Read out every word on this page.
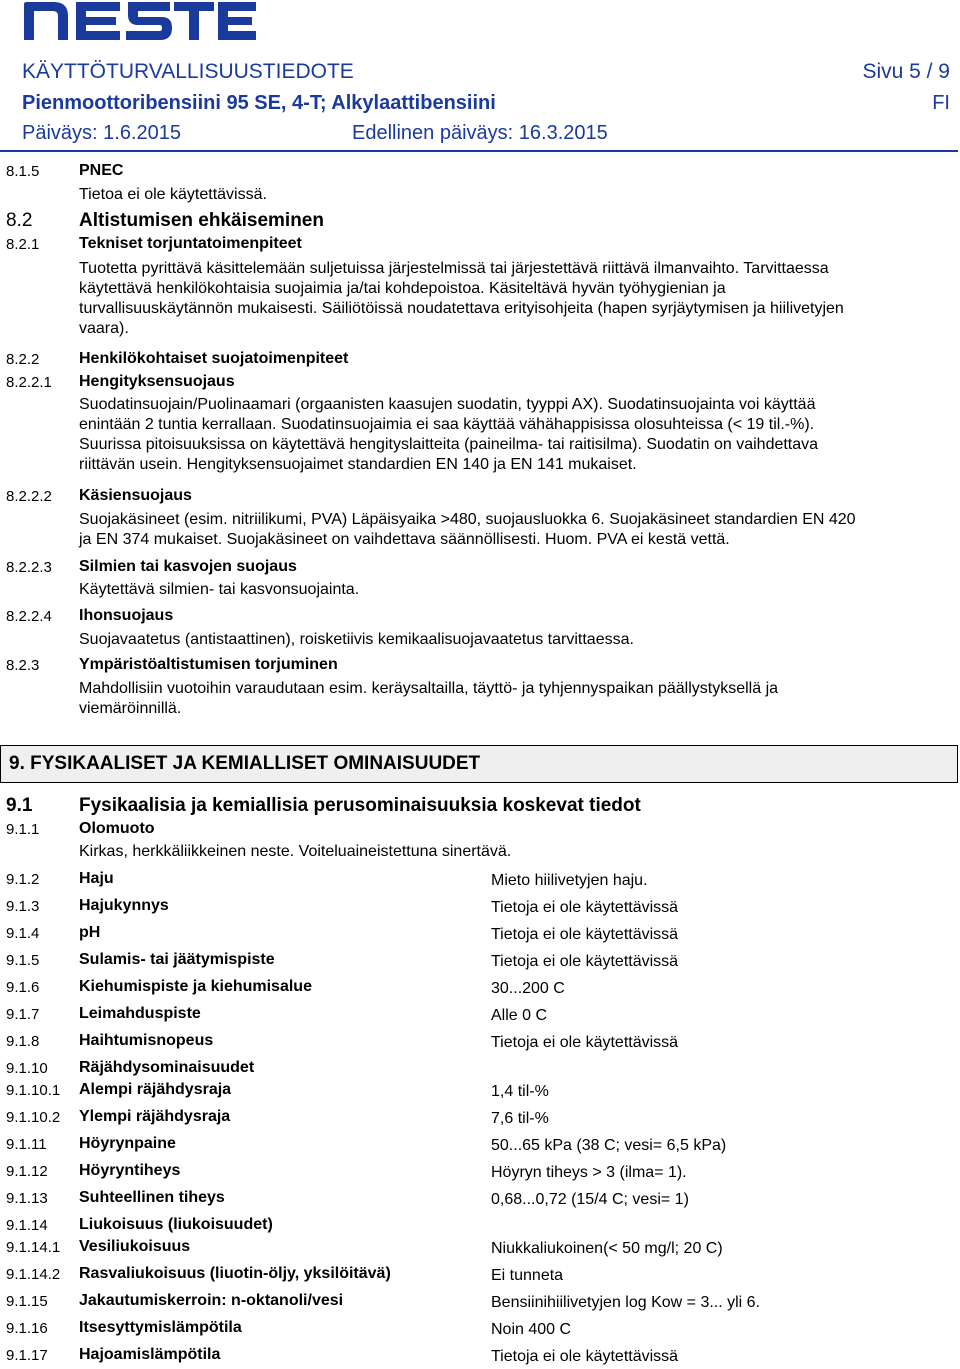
KÄYTTÖTURVALLISUUSTIEDOTE	Sivu 5 / 9
Pienmoottoribensiini 95 SE, 4-T; Alkylaattibensiini	FI
Päiväys: 1.6.2015	Edellinen päiväys: 16.3.2015
8.1.5 PNEC
Tietoa ei ole käytettävissä.
8.2 Altistumisen ehkäiseminen
8.2.1 Tekniset torjuntatoimenpiteet
Tuotetta pyrittävä käsittelemään suljetuissa järjestelmissä tai järjestettävä riittävä ilmanvaihto. Tarvittaessa
käytettävä henkilökohtaisia suojaimia ja/tai kohdepoistoa. Käsiteltävä hyvän työhygienian ja
turvallisuuskäytännön mukaisesti. Säiliötöissä noudatettava erityisohjeita (hapen syrjäytymisen ja hiilivetyjen
vaara).
8.2.2 Henkilökohtaiset suojatoimenpiteet
8.2.2.1 Hengityksensuojaus
Suodatinsuojain/Puolinaamari (orgaanisten kaasujen suodatin, tyyppi AX). Suodatinsuojainta voi käyttää
enintään 2 tuntia kerrallaan. Suodatinsuojaimia ei saa käyttää vähähappisissa olosuhteissa (< 19 til.-%).
Suurissa pitoisuuksissa on käytettävä hengityslaitteita (paineilma- tai raitisilma). Suodatin on vaihdettava
riittävän usein. Hengityksensuojaimet standardien EN 140 ja EN 141 mukaiset.
8.2.2.2 Käsiensuojaus
Suojakäsineet (esim. nitriilikumi, PVA) Läpäisyaika >480, suojausluokka 6. Suojakäsineet standardien EN 420
ja EN 374 mukaiset. Suojakäsineet on vaihdettava säännöllisesti. Huom. PVA ei kestä vettä.
8.2.2.3 Silmien tai kasvojen suojaus
Käytettävä silmien- tai kasvonsuojainta.
8.2.2.4 Ihonsuojaus
Suojavaatetus (antistaattinen), roisketiivis kemikaalisuojavaatetus tarvittaessa.
8.2.3 Ympäristöaltistumisen torjuminen
Mahdollisiin vuotoihin varaudutaan esim. keräysaltailla, täyttö- ja tyhjennyspaikan päällystyksellä ja
viemäröinnillä.
9. FYSIKAALISET JA KEMIALLISET OMINAISUUDET
9.1 Fysikaalisia ja kemiallisia perusominaisuuksia koskevat tiedot
9.1.1 Olomuoto
Kirkas, herkkäliikkeinen neste. Voiteluaineistettuna sinertävä.
9.1.2 Haju	Mieto hiilivetyjen haju.
9.1.3 Hajukynnys	Tietoja ei ole käytettävissä
9.1.4 pH	Tietoja ei ole käytettävissä
9.1.5 Sulamis- tai jäätymispiste	Tietoja ei ole käytettävissä
9.1.6 Kiehumispiste ja kiehumisalue	30...200 C
9.1.7 Leimahduspiste	Alle 0 C
9.1.8 Haihtumisnopeus	Tietoja ei ole käytettävissä
9.1.10 Räjähdysominaisuudet
9.1.10.1 Alempi räjähdysraja	1,4 til-%
9.1.10.2 Ylempi räjähdysraja	7,6 til-%
9.1.11 Höyrynpaine	50...65 kPa (38 C; vesi= 6,5 kPa)
9.1.12 Höyryntiheys	Höyryn tiheys > 3 (ilma= 1).
9.1.13 Suhteellinen tiheys	0,68...0,72 (15/4 C; vesi= 1)
9.1.14 Liukoisuus (liukoisuudet)
9.1.14.1 Vesiliukoisuus	Niukkaliukoinen(< 50 mg/l; 20 C)
9.1.14.2 Rasvaliukoisuus (liuotin-öljy, yksilöitävä)	Ei tunneta
9.1.15 Jakautumiskerroin: n-oktanoli/vesi	Bensiinihiilivetyjen log Kow = 3... yli 6.
9.1.16 Itsesyttymislämpötila	Noin 400 C
9.1.17 Hajoamislämpötila	Tietoja ei ole käytettävissä
